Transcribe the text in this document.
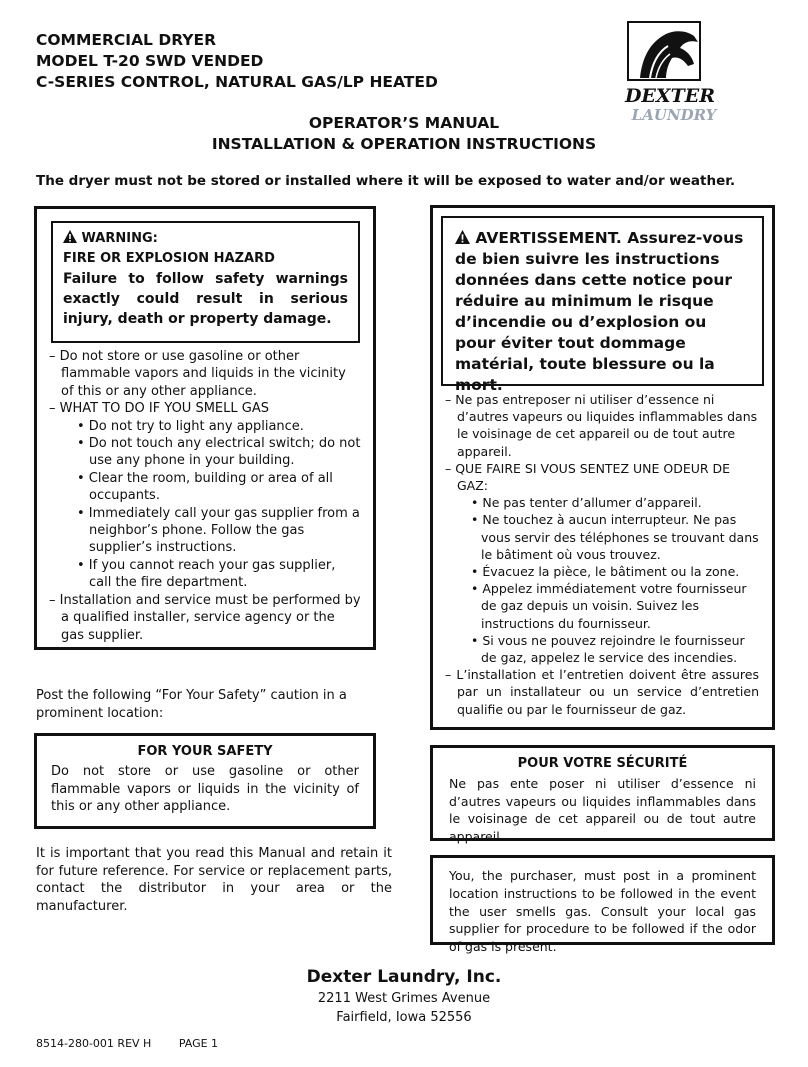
COMMERCIAL DRYER
MODEL T-20 SWD VENDED
C-SERIES CONTROL, NATURAL GAS/LP HEATED
DEXTER
LAUNDRY
OPERATOR’S MANUAL
INSTALLATION & OPERATION INSTRUCTIONS
The dryer must not be stored or installed where it will be exposed to water and/or weather.
WARNING:
FIRE OR EXPLOSION HAZARD
Failure to follow safety warnings exactly could result in serious injury, death or property damage.
– Do not store or use gasoline or other flammable vapors and liquids in the vicinity of this or any other appliance.
– WHAT TO DO IF YOU SMELL GAS
• Do not try to light any appliance.
• Do not touch any electrical switch; do not use any phone in your building.
• Clear the room, building or area of all occupants.
• Immediately call your gas supplier from a neighbor’s phone. Follow the gas supplier’s instructions.
• If you cannot reach your gas supplier, call the fire department.
– Installation and service must be performed by a qualified installer, service agency or the gas supplier.
AVERTISSEMENT. Assurez-vous de bien suivre les instructions données dans cette notice pour réduire au minimum le risque d’incendie ou d’explosion ou pour éviter tout dommage matérial, toute blessure ou la mort.
– Ne pas entreposer ni utiliser d’essence ni d’autres vapeurs ou liquides inflammables dans le voisinage de cet appareil ou de tout autre appareil.
– QUE FAIRE SI VOUS SENTEZ UNE ODEUR DE GAZ:
• Ne pas tenter d’allumer d’appareil.
• Ne touchez à aucun interrupteur. Ne pas vous servir des téléphones se trouvant dans le bâtiment où vous trouvez.
• Évacuez la pièce, le bâtiment ou la zone.
• Appelez immédiatement votre fournisseur de gaz depuis un voisin. Suivez les instructions du fournisseur.
• Si vous ne pouvez rejoindre le fournisseur de gaz, appelez le service des incendies.
– L’installation et l’entretien doivent être assures par un installateur ou un service d’entretien qualifie ou par le fournisseur de gaz.
Post the following “For Your Safety” caution in a prominent location:
FOR YOUR SAFETY
Do not store or use gasoline or other flammable vapors or liquids in the vicinity of this or any other appliance.
POUR VOTRE SÉCURITÉ
Ne pas ente poser ni utiliser d’essence ni d’autres vapeurs ou liquides inflammables dans le voisinage de cet appareil ou de tout autre appareil.
It is important that you read this Manual and retain it for future reference. For service or replacement parts, contact the distributor in your area or the manufacturer.
You, the purchaser, must post in a prominent location instructions to be followed in the event the user smells gas. Consult your local gas supplier for procedure to be followed if the odor of gas is present.
Dexter Laundry, Inc.
2211 West Grimes Avenue
Fairfield, Iowa 52556
8514-280-001 REV H	PAGE 1
